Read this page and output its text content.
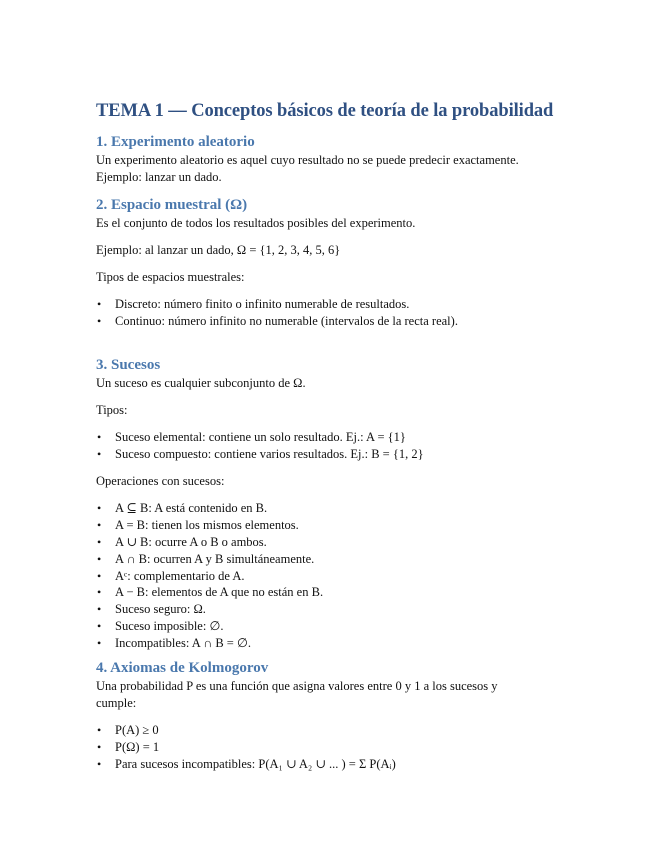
TEMA 1 — Conceptos básicos de teoría de la probabilidad
1. Experimento aleatorio

Un experimento aleatorio es aquel cuyo resultado no se puede predecir exactamente.

Ejemplo: lanzar un dado.

2. Espacio muestral (Ω)

Es el conjunto de todos los resultados posibles del experimento.

Ejemplo: al lanzar un dado, Ω = {1, 2, 3, 4, 5, 6}

Tipos de espacios muestrales:

• Discreto: número finito o infinito numerable de resultados.
• Continuo: número infinito no numerable (intervalos de la recta real).
3. Sucesos

Un suceso es cualquier subconjunto de Ω.

Tipos:

• Suceso elemental: contiene un solo resultado. Ej.: A = {1}
• Suceso compuesto: contiene varios resultados. Ej.: B = {1, 2}

Operaciones con sucesos:

• A ⊆ B: A está contenido en B.
• A = B: tienen los mismos elementos.
• A ∪ B: ocurre A o B o ambos.
• A ∩ B: ocurren A y B simultáneamente.
• Aᶜ: complementario de A.
• A − B: elementos de A que no están en B.
• Suceso seguro: Ω.
• Suceso imposible: ∅.
• Incompatibles: A ∩ B = ∅.
4. Axiomas de Kolmogorov

Una probabilidad P es una función que asigna valores entre 0 y 1 a los sucesos y

cumple:

• P(A) ≥ 0
• P(Ω) = 1
• Para sucesos incompatibles: P(A₁ ∪ A₂ ∪ ... ) = Σ P(Aᵢ)
